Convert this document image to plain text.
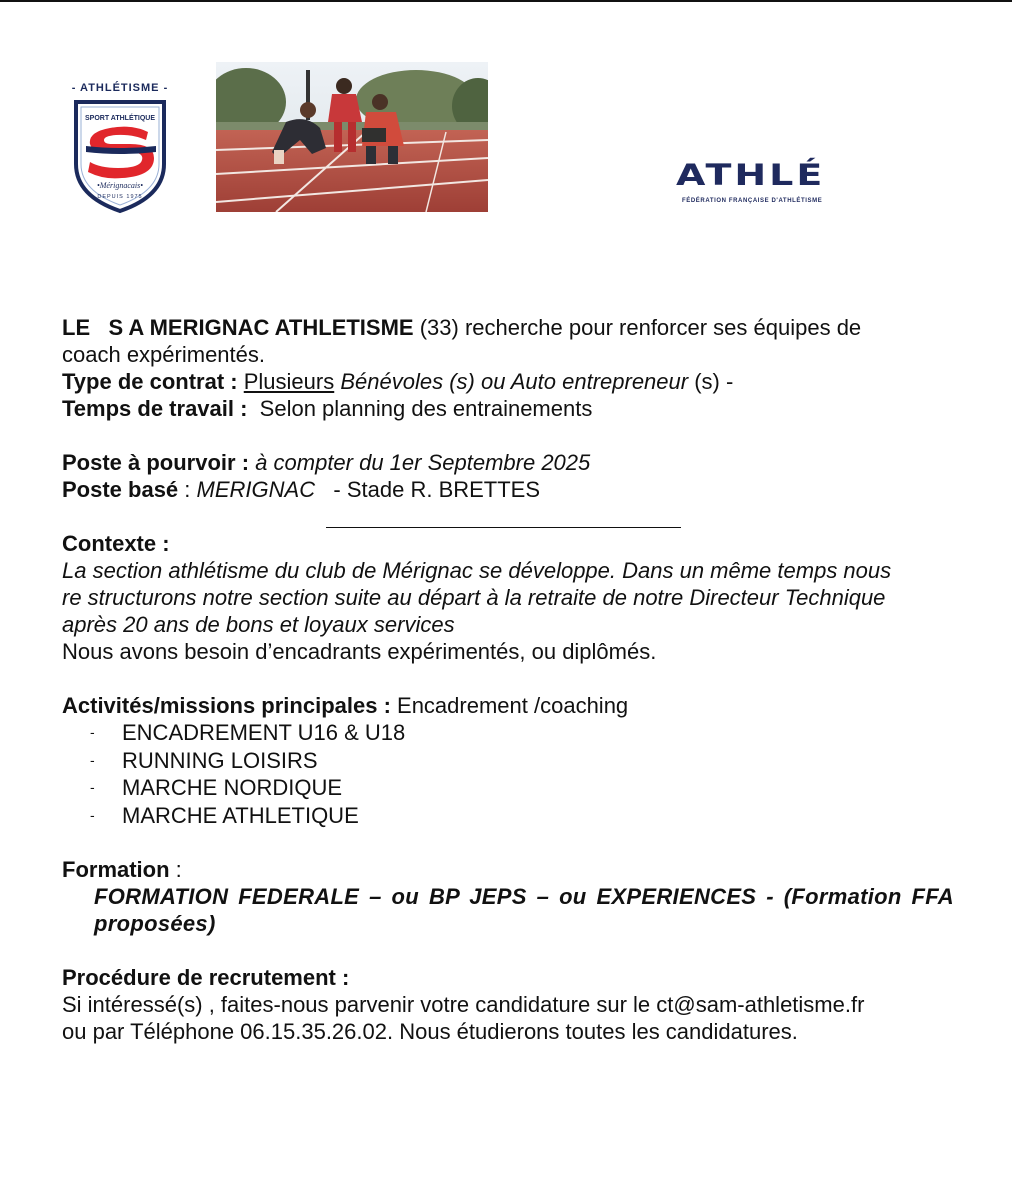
- ATHLÉTISME -
SPORT ATHLÉTIQUE
•Mérignacais•
DEPUIS 1975
ATHLÉ
FÉDÉRATION FRANÇAISE D'ATHLÉTISME

LE   S A MERIGNAC ATHLETISME (33) recherche pour renforcer ses équipes de

coach expérimentés.

Type de contrat : Plusieurs Bénévoles (s) ou Auto entrepreneur (s) -

Temps de travail :  Selon planning des entrainements

Poste à pourvoir : à compter du 1er Septembre 2025

Poste basé : MERIGNAC   - Stade R. BRETTES

Contexte :

La section athlétisme du club de Mérignac se développe. Dans un même temps nous

re structurons notre section suite au départ à la retraite de notre Directeur Technique

après 20 ans de bons et loyaux services

Nous avons besoin d’encadrants expérimentés, ou diplômés.

Activités/missions principales : Encadrement /coaching

- ENCADREMENT U16 & U18
- RUNNING LOISIRS
- MARCHE NORDIQUE
- MARCHE ATHLETIQUE

Formation :

FORMATION FEDERALE – ou BP JEPS – ou EXPERIENCES - (Formation FFA proposées)

Procédure de recrutement :

Si intéressé(s) , faites-nous parvenir votre candidature sur le ct@sam-athletisme.fr

ou par Téléphone 06.15.35.26.02. Nous étudierons toutes les candidatures.
